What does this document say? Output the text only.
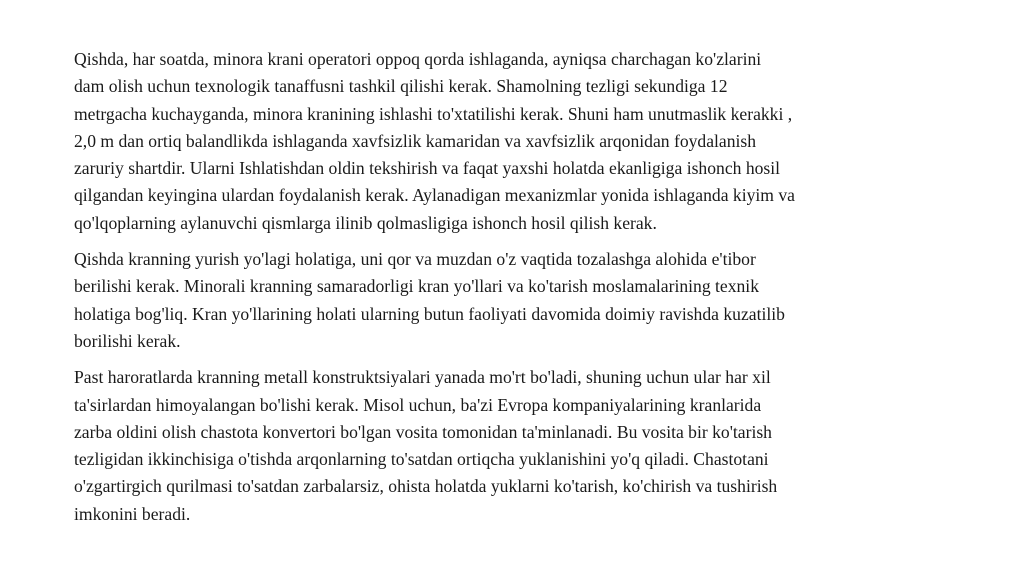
Qishda, har soatda, minora krani operatori oppoq qorda ishlaganda, ayniqsa charchagan ko'zlarini
dam olish uchun texnologik tanaffusni tashkil qilishi kerak. Shamolning tezligi sekundiga 12
metrgacha kuchayganda, minora kranining ishlashi to'xtatilishi kerak. Shuni ham unutmaslik kerakki ,
2,0 m dan ortiq balandlikda ishlaganda xavfsizlik kamaridan va xavfsizlik arqonidan foydalanish
zaruriy shartdir. Ularni Ishlatishdan oldin tekshirish va faqat yaxshi holatda ekanligiga ishonch hosil
qilgandan keyingina ulardan foydalanish kerak. Aylanadigan mexanizmlar yonida ishlaganda kiyim va
qo'lqoplarning aylanuvchi qismlarga ilinib qolmasligiga ishonch hosil qilish kerak.

Qishda kranning yurish yo'lagi holatiga, uni qor va muzdan o'z vaqtida tozalashga alohida e'tibor
berilishi kerak. Minorali kranning samaradorligi kran yo'llari va ko'tarish moslamalarining texnik
holatiga bog'liq. Kran yo'llarining holati ularning butun faoliyati davomida doimiy ravishda kuzatilib
borilishi kerak.

Past haroratlarda kranning metall konstruktsiyalari yanada mo'rt bo'ladi, shuning uchun ular har xil
ta'sirlardan himoyalangan bo'lishi kerak. Misol uchun, ba'zi Evropa kompaniyalarining kranlarida
zarba oldini olish chastota konvertori bo'lgan vosita tomonidan ta'minlanadi. Bu vosita bir ko'tarish
tezligidan ikkinchisiga o'tishda arqonlarning to'satdan ortiqcha yuklanishini yo'q qiladi. Chastotani
o'zgartirgich qurilmasi to'satdan zarbalarsiz, ohista holatda yuklarni ko'tarish, ko'chirish va tushirish
imkonini beradi.
